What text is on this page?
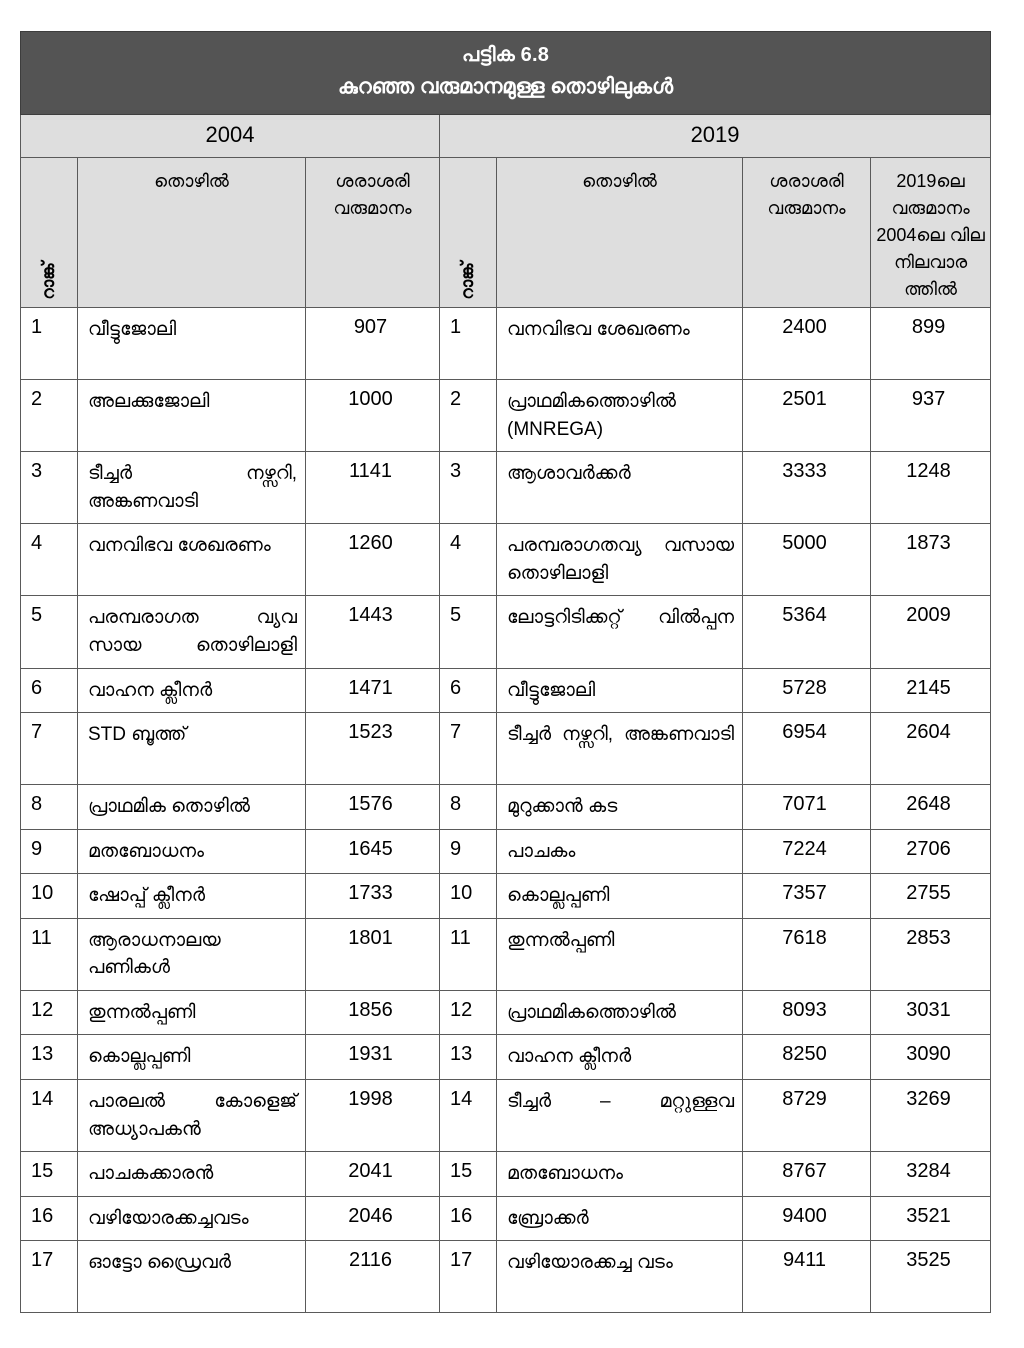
പട്ടിക 6.8
കുറഞ്ഞ വരുമാനമുള്ള തൊഴിലുകൾ						

2004			2019			

റാങ്ക്	തൊഴിൽ	ശരാശരി വരുമാനം	റാങ്ക്	തൊഴിൽ	ശരാശരി വരുമാനം	2019ലെ വരുമാനം 2004ലെ വില നിലവാര ത്തിൽ
1	വീട്ടുജോലി	907	1	വനവിഭവ ശേഖരണം	2400	899
2	അലക്കുജോലി	1000	2	പ്രാഥമികത്തൊഴിൽ (MNREGA)	2501	937
3	ടീച്ചർ നഴ്സറി, അങ്കണവാടി	1141	3	ആശാവർക്കർ	3333	1248
4	വനവിഭവ ശേഖരണം	1260	4	പരമ്പരാഗതവ്യ വസായ തൊഴിലാളി	5000	1873
5	പരമ്പരാഗത വ്യവ സായ തൊഴിലാളി	1443	5	ലോട്ടറിടിക്കറ്റ് വിൽപ്പന	5364	2009
6	വാഹന ക്ലീനർ	1471	6	വീട്ടുജോലി	5728	2145
7	STD ബൂത്ത്	1523	7	ടീച്ചർ നഴ്സറി, അങ്കണവാടി	6954	2604
8	പ്രാഥമിക തൊഴിൽ	1576	8	മുറുക്കാൻ കട	7071	2648
9	മതബോധനം	1645	9	പാചകം	7224	2706
10	ഷോപ്പ് ക്ലീനർ	1733	10	കൊല്ലപ്പണി	7357	2755
11	ആരാധനാലയ പണികൾ	1801	11	തുന്നൽപ്പണി	7618	2853
12	തുന്നൽപ്പണി	1856	12	പ്രാഥമികത്തൊഴിൽ	8093	3031
13	കൊല്ലപ്പണി	1931	13	വാഹന ക്ലീനർ	8250	3090
14	പാരലൽ കോളെജ് അധ്യാപകൻ	1998	14	ടീച്ചർ – മറ്റുള്ളവ	8729	3269
15	പാചകക്കാരൻ	2041	15	മതബോധനം	8767	3284
16	വഴിയോരക്കച്ചവടം	2046	16	ബ്രോക്കർ	9400	3521
17	ഓട്ടോ ഡ്രൈവർ	2116	17	വഴിയോരക്കച്ച വടം	9411	3525
